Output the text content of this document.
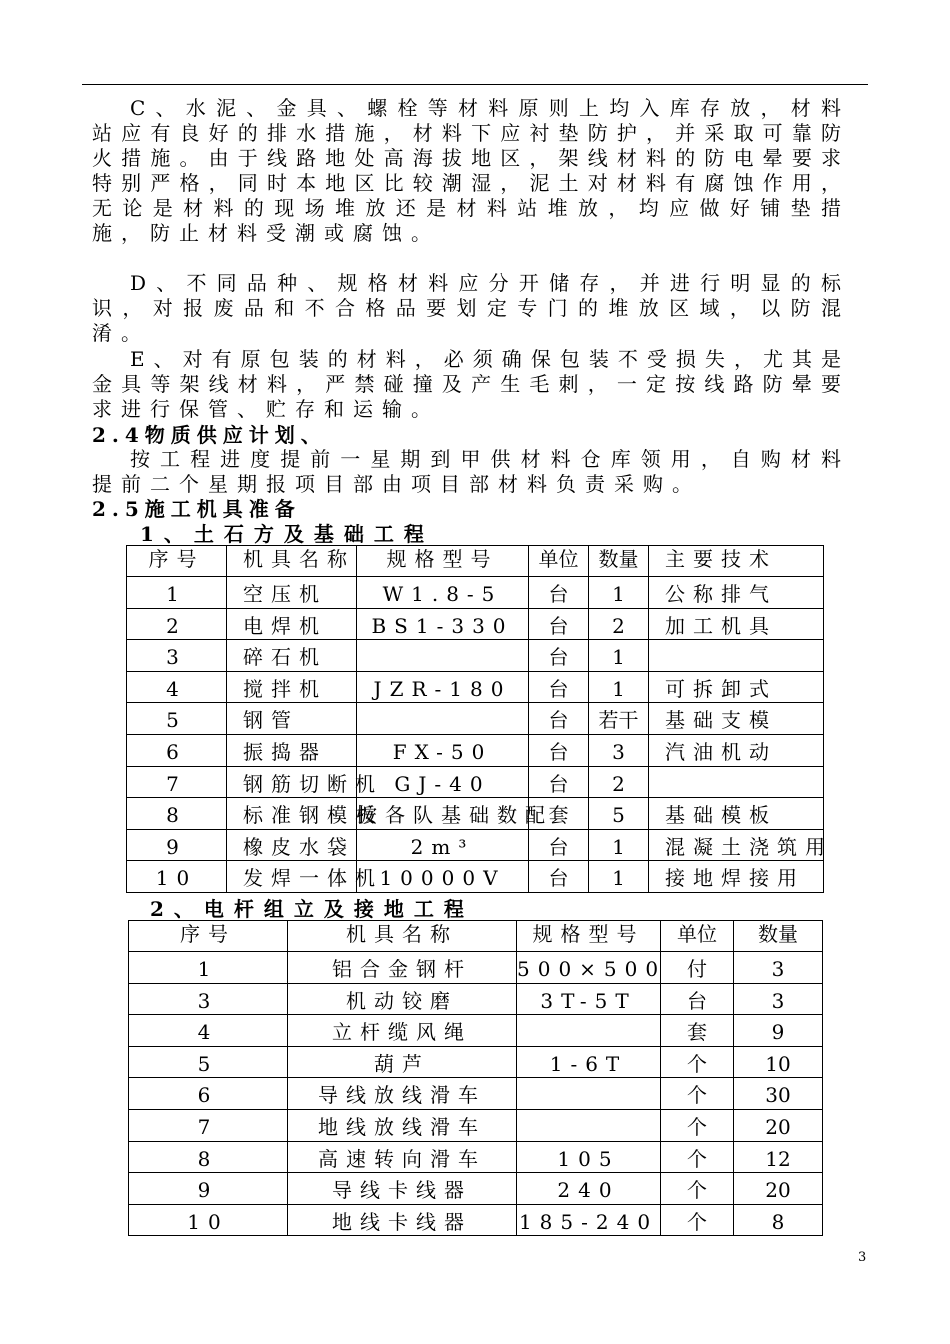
C、水泥、金具、螺栓等材料原则上均入库存放，材料站应有良好的排水措施，材料下应衬垫防护，并采取可靠防火措施。由于线路地处高海拔地区，架线材料的防电晕要求特别严格，同时本地区比较潮湿，泥土对材料有腐蚀作用，无论是材料的现场堆放还是材料站堆放，均应做好铺垫措施，防止材料受潮或腐蚀。

D、不同品种、规格材料应分开储存，并进行明显的标识，对报废品和不合格品要划定专门的堆放区域，以防混淆。

E、对有原包装的材料，必须确保包装不受损失，尤其是金具等架线材料，严禁碰撞及产生毛刺，一定按线路防晕要求进行保管、贮存和运输。

2.4物质供应计划、

按工程进度提前一星期到甲供材料仓库领用，自购材料提前二个星期报项目部由项目部材料负责采购。

2.5施工机具准备

1、土石方及基础工程

序号	机具名称	规格型号	单位	数量	主要技术
1	空压机	W1.8-5	台	1	公称排气
2	电焊机	BS1-330	台	2	加工机具
3	碎石机		台	1	
4	搅拌机	JZR-180	台	1	可拆卸式
5	钢管		台	若干	基础支模
6	振捣器	FX-50	台	3	汽油机动
7	钢筋切断机	GJ-40	台	2	
8	标准钢模板	按各队基础数配	套	5	基础模板
9	橡皮水袋	2m³	台	1	混凝土浇筑用
10	发焊一体机	10000V	台	1	接地焊接用

2、电杆组立及接地工程

序号	机具名称	规格型号	单位	数量
1	铝合金钢杆	500×500	付	3
3	机动铰磨	3T-5T	台	3
4	立杆缆风绳		套	9
5	葫芦	1-6T	个	10
6	导线放线滑车		个	30
7	地线放线滑车		个	20
8	高速转向滑车	105	个	12
9	导线卡线器	240	个	20
10	地线卡线器	185-240	个	8
3
